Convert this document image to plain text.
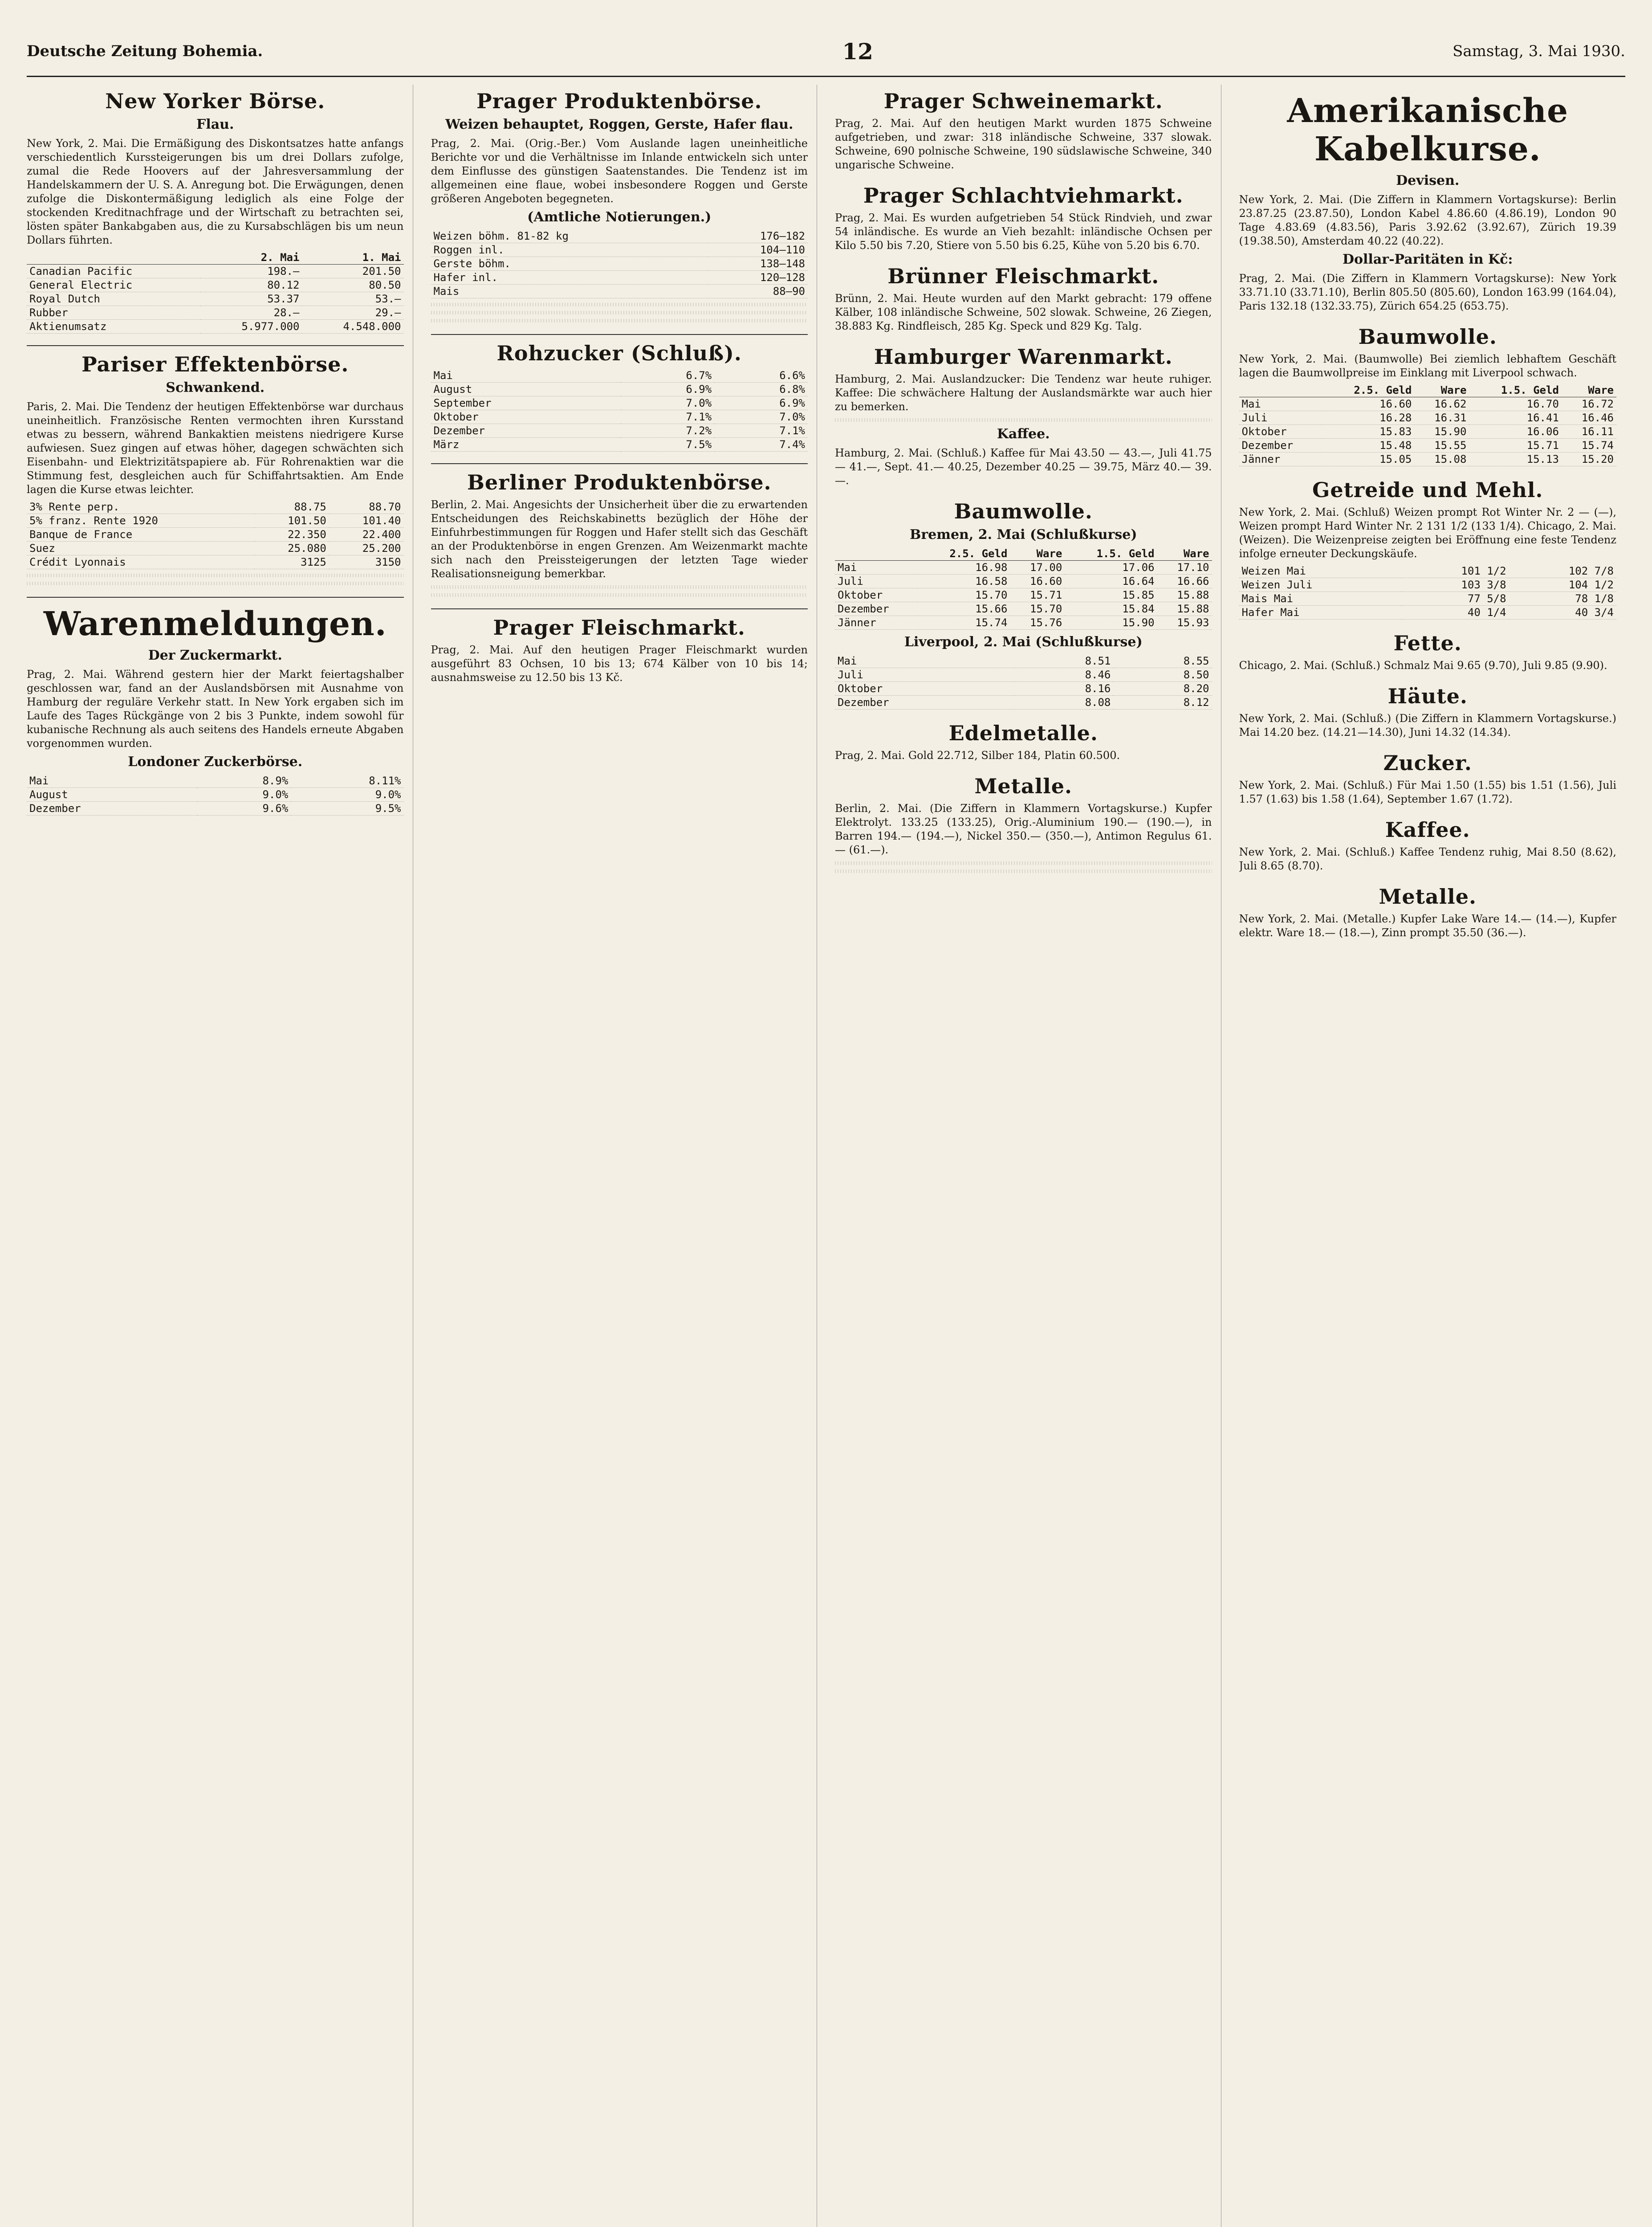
Deutsche Zeitung Bohemia.	12	Samstag, 3. Mai 1930.
New Yorker Börse.
Flau.

New York, 2. Mai. Die Ermäßigung des Diskontsatzes hatte anfangs verschiedentlich Kurssteigerungen bis um drei Dollars zufolge, zumal die Rede Hoovers auf der Jahresversammlung der Handelskammern der U. S. A. Anregung bot. Die Erwägungen, denen zufolge die Diskontermäßigung lediglich als eine Folge der stockenden Kreditnachfrage und der Wirtschaft zu betrachten sei, lösten später Bankabgaben aus, die zu Kursabschlägen bis um neun Dollars führten.

	2. Mai	1. Mai
Canadian Pacific	198.—	201.50
General Electric	80.12	80.50
Royal Dutch	53.37	53.—
Rubber	28.—	29.—
Aktienumsatz	5.977.000	4.548.000
Pariser Effektenbörse.
Schwankend.

Paris, 2. Mai. Die Tendenz der heutigen Effektenbörse war durchaus uneinheitlich. Französische Renten vermochten ihren Kursstand etwas zu bessern, während Bankaktien meistens niedrigere Kurse aufwiesen. Suez gingen auf etwas höher, dagegen schwächten sich Eisenbahn- und Elektrizitätspapiere ab. Für Rohrenaktien war die Stimmung fest, desgleichen auch für Schiffahrtsaktien. Am Ende lagen die Kurse etwas leichter.

3% Rente perp.	88.75	88.70
5% franz. Rente 1920	101.50	101.40
Banque de France	22.350	22.400
Suez	25.080	25.200
Crédit Lyonnais	3125	3150
Warenmeldungen.
Der Zuckermarkt.

Prag, 2. Mai. Während gestern hier der Markt feiertagshalber geschlossen war, fand an der Auslandsbörsen mit Ausnahme von Hamburg der reguläre Verkehr statt. In New York ergaben sich im Laufe des Tages Rückgänge von 2 bis 3 Punkte, indem sowohl für kubanische Rechnung als auch seitens des Handels erneute Abgaben vorgenommen wurden.

Londoner Zuckerbörse.
Mai	8.9%	8.11%
August	9.0%	9.0%
Dezember	9.6%	9.5%
Prager Produktenbörse.
Weizen behauptet, Roggen, Gerste, Hafer flau.

Prag, 2. Mai. (Orig.-Ber.) Vom Auslande lagen uneinheitliche Berichte vor und die Verhältnisse im Inlande entwickeln sich unter dem Einflusse des günstigen Saatenstandes. Die Tendenz ist im allgemeinen eine flaue, wobei insbesondere Roggen und Gerste größeren Angeboten begegneten.

(Amtliche Notierungen.)
Weizen böhm. 81-82 kg	176—182
Roggen inl.	104—110
Gerste böhm.	138—148
Hafer inl.	120—128
Mais	88—90
Rohzucker (Schluß).
Mai	6.7%	6.6%
August	6.9%	6.8%
September	7.0%	6.9%
Oktober	7.1%	7.0%
Dezember	7.2%	7.1%
März	7.5%	7.4%
Berliner Produktenbörse.

Berlin, 2. Mai. Angesichts der Unsicherheit über die zu erwartenden Entscheidungen des Reichskabinetts bezüglich der Höhe der Einfuhrbestimmungen für Roggen und Hafer stellt sich das Geschäft an der Produktenbörse in engen Grenzen. Am Weizenmarkt machte sich nach den Preissteigerungen der letzten Tage wieder Realisationsneigung bemerkbar.

Prager Fleischmarkt.

Prag, 2. Mai. Auf den heutigen Prager Fleischmarkt wurden ausgeführt 83 Ochsen, 10 bis 13; 674 Kälber von 10 bis 14; ausnahmsweise zu 12.50 bis 13 Kč.

Prager Schweinemarkt.

Prag, 2. Mai. Auf den heutigen Markt wurden 1875 Schweine aufgetrieben, und zwar: 318 inländische Schweine, 337 slowak. Schweine, 690 polnische Schweine, 190 südslawische Schweine, 340 ungarische Schweine.

Prager Schlachtviehmarkt.

Prag, 2. Mai. Es wurden aufgetrieben 54 Stück Rindvieh, und zwar 54 inländische. Es wurde an Vieh bezahlt: inländische Ochsen per Kilo 5.50 bis 7.20, Stiere von 5.50 bis 6.25, Kühe von 5.20 bis 6.70.

Brünner Fleischmarkt.

Brünn, 2. Mai. Heute wurden auf den Markt gebracht: 179 offene Kälber, 108 inländische Schweine, 502 slowak. Schweine, 26 Ziegen, 38.883 Kg. Rindfleisch, 285 Kg. Speck und 829 Kg. Talg.

Hamburger Warenmarkt.

Hamburg, 2. Mai. Auslandzucker: Die Tendenz war heute ruhiger. Kaffee: Die schwächere Haltung der Auslandsmärkte war auch hier zu bemerken.

Kaffee.

Hamburg, 2. Mai. (Schluß.) Kaffee für Mai 43.50 — 43.—, Juli 41.75 — 41.—, Sept. 41.— 40.25, Dezember 40.25 — 39.75, März 40.— 39.—.

Baumwolle.
Bremen, 2. Mai (Schlußkurse)
	2.5. Geld	Ware	1.5. Geld	Ware
Mai	16.98	17.00	17.06	17.10
Juli	16.58	16.60	16.64	16.66
Oktober	15.70	15.71	15.85	15.88
Dezember	15.66	15.70	15.84	15.88
Jänner	15.74	15.76	15.90	15.93
Liverpool, 2. Mai (Schlußkurse)
Mai	8.51	8.55
Juli	8.46	8.50
Oktober	8.16	8.20
Dezember	8.08	8.12
Edelmetalle.

Prag, 2. Mai. Gold 22.712, Silber 184, Platin 60.500.

Metalle.

Berlin, 2. Mai. (Die Ziffern in Klammern Vortagskurse.) Kupfer Elektrolyt. 133.25 (133.25), Orig.-Aluminium 190.— (190.—), in Barren 194.— (194.—), Nickel 350.— (350.—), Antimon Regulus 61.— (61.—).

Amerikanische Kabelkurse.
Devisen.

New York, 2. Mai. (Die Ziffern in Klammern Vortagskurse): Berlin 23.87.25 (23.87.50), London Kabel 4.86.60 (4.86.19), London 90 Tage 4.83.69 (4.83.56), Paris 3.92.62 (3.92.67), Zürich 19.39 (19.38.50), Amsterdam 40.22 (40.22).

Dollar-Paritäten in Kč:

Prag, 2. Mai. (Die Ziffern in Klammern Vortagskurse): New York 33.71.10 (33.71.10), Berlin 805.50 (805.60), London 163.99 (164.04), Paris 132.18 (132.33.75), Zürich 654.25 (653.75).

Baumwolle.

New York, 2. Mai. (Baumwolle) Bei ziemlich lebhaftem Geschäft lagen die Baumwollpreise im Einklang mit Liverpool schwach.

	2.5. Geld	Ware	1.5. Geld	Ware
Mai	16.60	16.62	16.70	16.72
Juli	16.28	16.31	16.41	16.46
Oktober	15.83	15.90	16.06	16.11
Dezember	15.48	15.55	15.71	15.74
Jänner	15.05	15.08	15.13	15.20
Getreide und Mehl.

New York, 2. Mai. (Schluß) Weizen prompt Rot Winter Nr. 2 — (—), Weizen prompt Hard Winter Nr. 2 131 1/2 (133 1/4). Chicago, 2. Mai. (Weizen). Die Weizenpreise zeigten bei Eröffnung eine feste Tendenz infolge erneuter Deckungskäufe.

Weizen Mai	101 1/2	102 7/8
Weizen Juli	103 3/8	104 1/2
Mais Mai	77 5/8	78 1/8
Hafer Mai	40 1/4	40 3/4
Fette.

Chicago, 2. Mai. (Schluß.) Schmalz Mai 9.65 (9.70), Juli 9.85 (9.90).

Häute.

New York, 2. Mai. (Schluß.) (Die Ziffern in Klammern Vortagskurse.) Mai 14.20 bez. (14.21—14.30), Juni 14.32 (14.34).

Zucker.

New York, 2. Mai. (Schluß.) Für Mai 1.50 (1.55) bis 1.51 (1.56), Juli 1.57 (1.63) bis 1.58 (1.64), September 1.67 (1.72).

Kaffee.

New York, 2. Mai. (Schluß.) Kaffee Tendenz ruhig, Mai 8.50 (8.62), Juli 8.65 (8.70).

Metalle.

New York, 2. Mai. (Metalle.) Kupfer Lake Ware 14.— (14.—), Kupfer elektr. Ware 18.— (18.—), Zinn prompt 35.50 (36.—).
